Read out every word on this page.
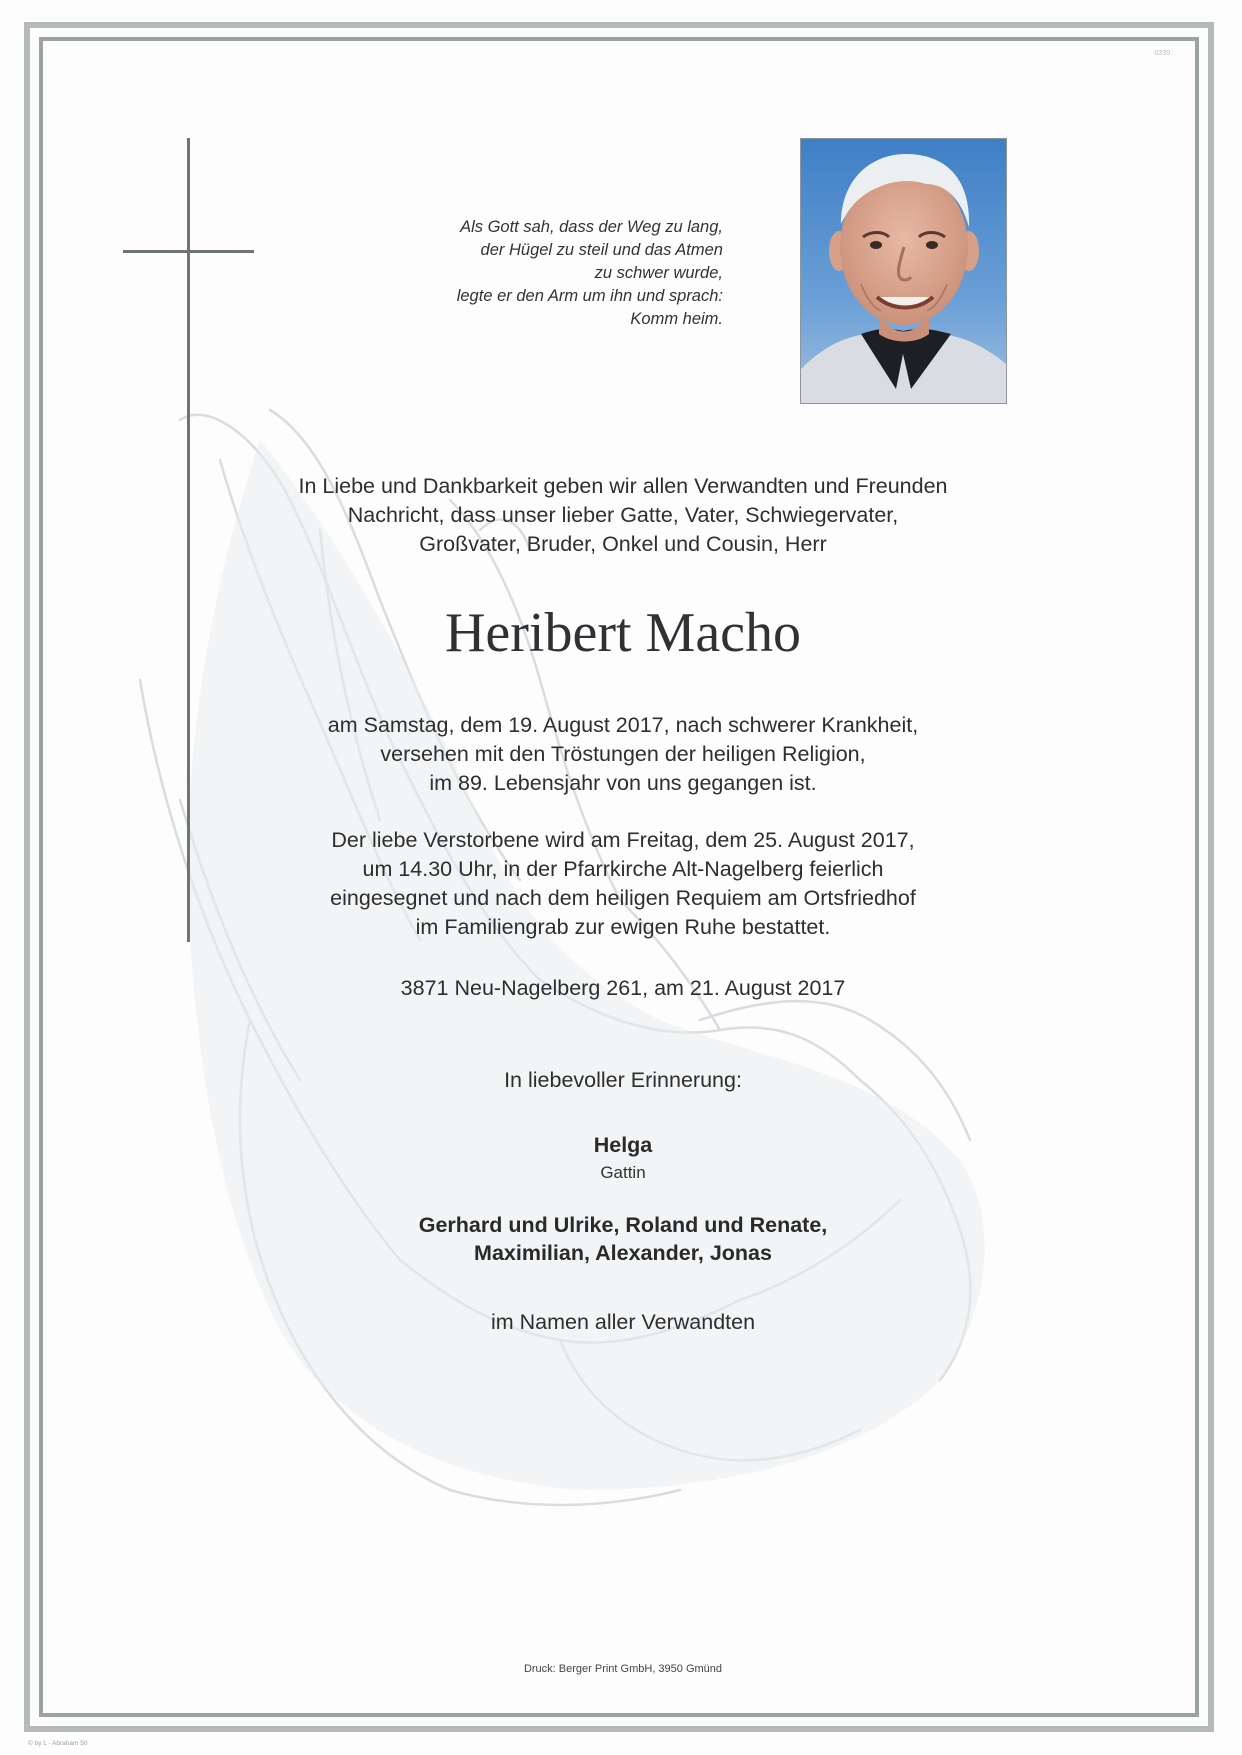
0330
Als Gott sah, dass der Weg zu lang,
der Hügel zu steil und das Atmen
zu schwer wurde,
legte er den Arm um ihn und sprach:
Komm heim.
In Liebe und Dankbarkeit geben wir allen Verwandten und Freunden
Nachricht, dass unser lieber Gatte, Vater, Schwiegervater,
Großvater, Bruder, Onkel und Cousin, Herr
Heribert Macho
am Samstag, dem 19. August 2017, nach schwerer Krankheit,
versehen mit den Tröstungen der heiligen Religion,
im 89. Lebensjahr von uns gegangen ist.
Der liebe Verstorbene wird am Freitag, dem 25. August 2017,
um 14.30 Uhr, in der Pfarrkirche Alt-Nagelberg feierlich
eingesegnet und nach dem heiligen Requiem am Ortsfriedhof
im Familiengrab zur ewigen Ruhe bestattet.
3871 Neu-Nagelberg 261, am 21. August 2017
In liebevoller Erinnerung:
Helga
Gattin
Gerhard und Ulrike, Roland und Renate,
Maximilian, Alexander, Jonas
im Namen aller Verwandten
Druck: Berger Print GmbH, 3950 Gmünd
© by L - Abraham 50
